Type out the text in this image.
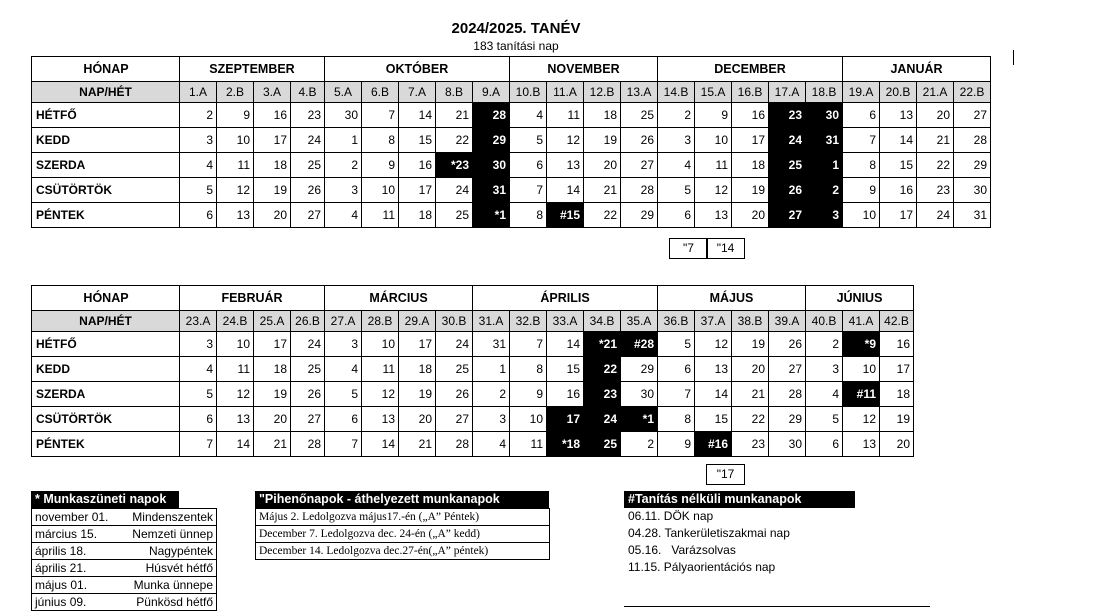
2024/2025. TANÉV
183 tanítási nap
HÓNAP	SZEPTEMBER				OKTÓBER					NOVEMBER				DECEMBER					JANUÁR			
NAP/HÉT	1.A	2.B	3.A	4.B	5.A	6.B	7.A	8.B	9.A	10.B	11.A	12.B	13.A	14.B	15.A	16.B	17.A	18.B	19.A	20.B	21.A	22.B
HÉTFŐ	2	9	16	23	30	7	14	21	28	4	11	18	25	2	9	16	23	30	6	13	20	27
KEDD	3	10	17	24	1	8	15	22	29	5	12	19	26	3	10	17	24	31	7	14	21	28
SZERDA	4	11	18	25	2	9	16	*23	30	6	13	20	27	4	11	18	25	1	8	15	22	29
CSÜTÖRTÖK	5	12	19	26	3	10	17	24	31	7	14	21	28	5	12	19	26	2	9	16	23	30
PÉNTEK	6	13	20	27	4	11	18	25	*1	8	#15	22	29	6	13	20	27	3	10	17	24	31
HÓNAP	FEBRUÁR				MÁRCIUS				ÁPRILIS					MÁJUS				JÚNIUS		
NAP/HÉT	23.A	24.B	25.A	26.B	27.A	28.B	29.A	30.B	31.A	32.B	33.A	34.B	35.A	36.B	37.A	38.B	39.A	40.B	41.A	42.B
HÉTFŐ	3	10	17	24	3	10	17	24	31	7	14	*21	#28	5	12	19	26	2	*9	16
KEDD	4	11	18	25	4	11	18	25	1	8	15	22	29	6	13	20	27	3	10	17
SZERDA	5	12	19	26	5	12	19	26	2	9	16	23	30	7	14	21	28	4	#11	18
CSÜTÖRTÖK	6	13	20	27	6	13	20	27	3	10	17	24	*1	8	15	22	29	5	12	19
PÉNTEK	7	14	21	28	7	14	21	28	4	11	*18	25	2	9	#16	23	30	6	13	20
"7	"14
"17
* Munkaszüneti napok
november 01.	Mindenszentek
március 15.	Nemzeti ünnep
április 18.	Nagypéntek
április 21.	Húsvét hétfő
május 01.	Munka ünnepe
június 09.	Pünkösd hétfő
"Pihenőnapok - áthelyezett munkanapok
Május 2. Ledolgozva május17.-én („A” Péntek)
December 7. Ledolgozva dec. 24-én („A” kedd)
December 14. Ledolgozva dec.27-én(„A” péntek)
#Tanítás nélküli munkanapok
06.11. DÖK nap
04.28. Tankerületiszakmai nap
05.16.   Varázsolvas
11.15. Pályaorientációs nap
